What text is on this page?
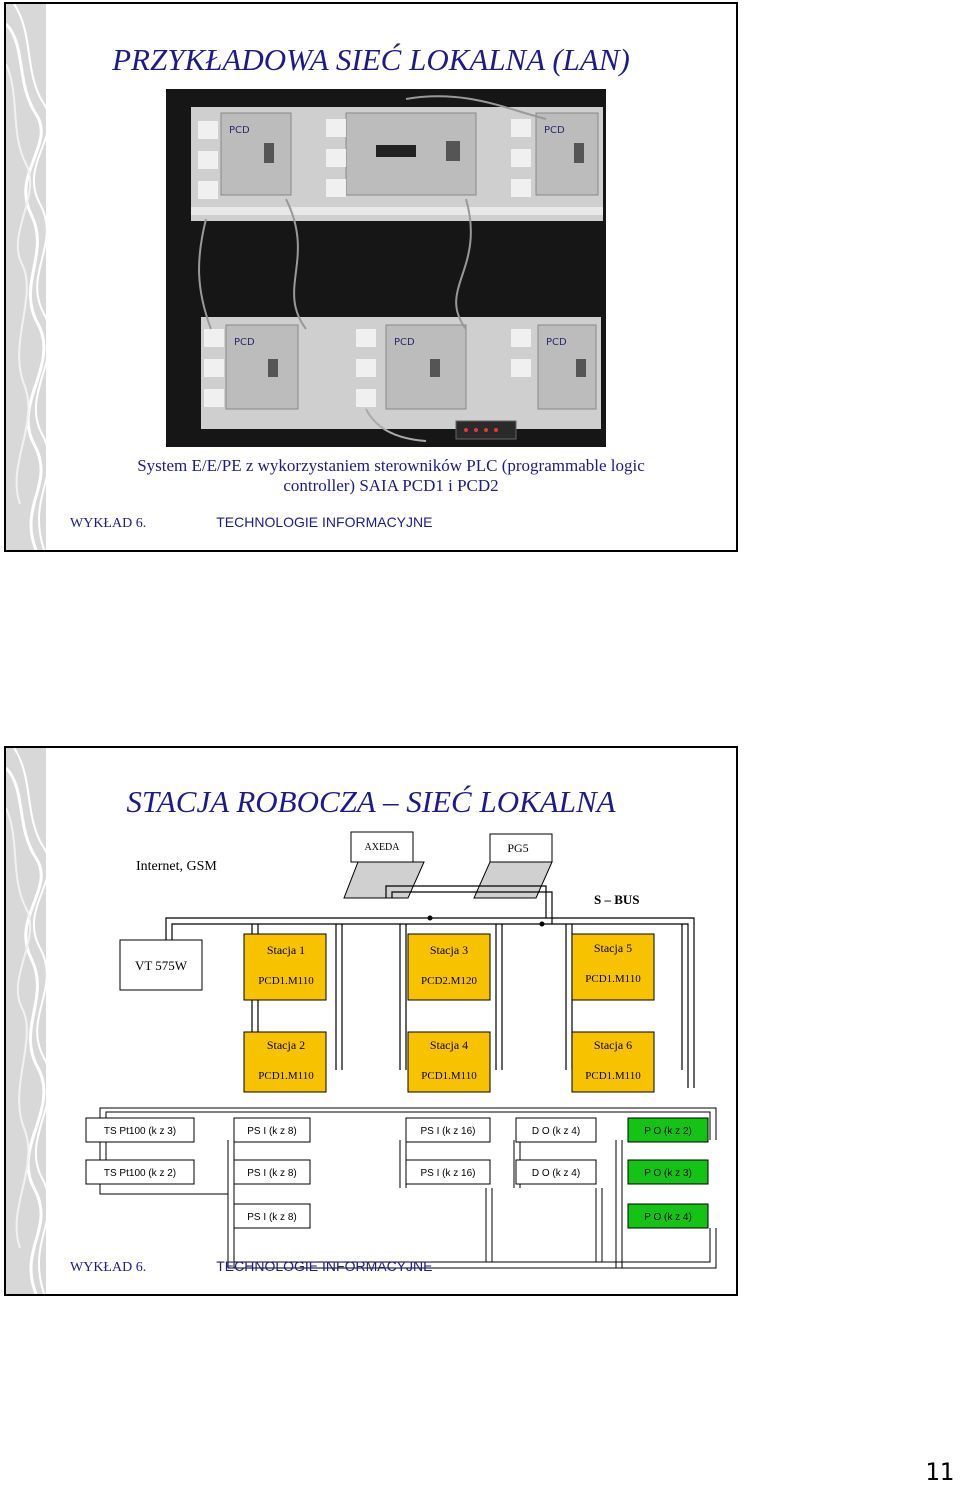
PRZYKŁADOWA SIEĆ LOKALNA (LAN)
PCD	PCD
PCD	PCD	PCD
System E/E/PE z wykorzystaniem sterowników PLC (programmable logic
controller) SAIA PCD1 i PCD2
WYKŁAD 6.	TECHNOLOGIE INFORMACYJNE
STACJA ROBOCZA – SIEĆ LOKALNA
Internet, GSM
AXEDA	PG5
S – BUS
VT 575W
Stacja 1
PCD1.M110
Stacja 3
PCD2.M120
Stacja 5
PCD1.M110
Stacja 2
PCD1.M110
Stacja 4
PCD1.M110
Stacja 6
PCD1.M110
TS Pt100 (k z 3)	PS I (k z 8)	PS I (k z 16)	D O (k z 4)	P O (k z 2)
TS Pt100 (k z 2)	PS I (k z 8)	PS I (k z 16)	D O (k z 4)	P O (k z 3)
PS I (k z 8)	P O (k z 4)
WYKŁAD 6.	TECHNOLOGIE INFORMACYJNE
11
